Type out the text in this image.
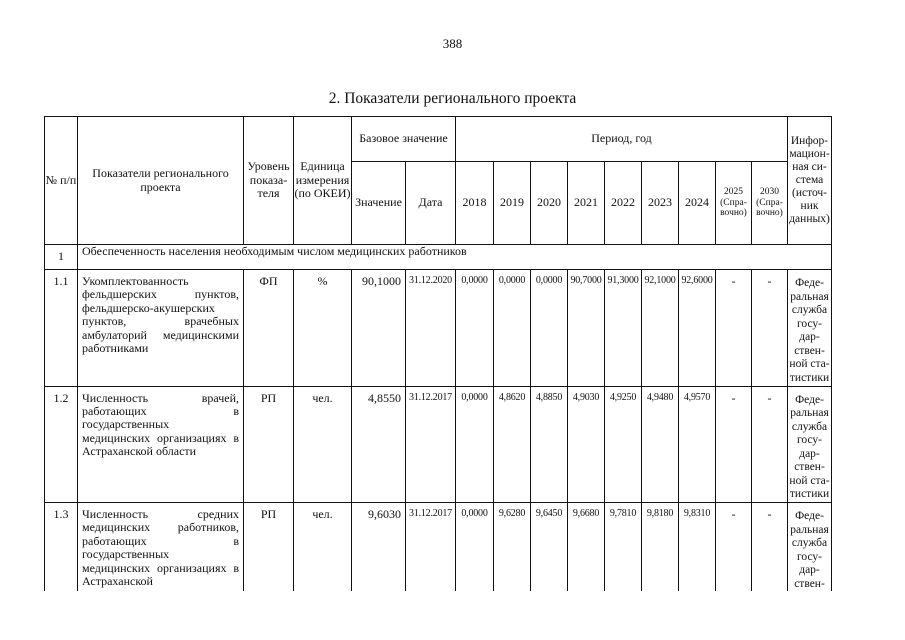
388
2. Показатели регионального проекта
№ п/п	Показатели регионального проекта	Уровень показа-теля	Единица измерения (по ОКЕИ)	Базовое значение		Период, год									Инфор-мацион-ная си-стема (источ-ник данных)
				Значение	Дата	2018	2019	2020	2021	2022	2023	2024	2025 (Спра-вочно)	2030 (Спра-вочно)	
1	Обеспеченность населения необходимым числом медицинских работников														
1.1	Укомплектованность фельдшерских пунктов, фельдшерско-акушерских пунктов, врачебных амбулаторий медицинскими работниками	ФП	%	90,1000	31.12.2020	0,0000	0,0000	0,0000	90,7000	91,3000	92,1000	92,6000	-	-	Феде-ральная служба госу-дар-ствен-ной ста-тистики
1.2	Численность врачей, работающих в государственных медицинских организациях в Астраханской области	РП	чел.	4,8550	31.12.2017	0,0000	4,8620	4,8850	4,9030	4,9250	4,9480	4,9570	-	-	Феде-ральная служба госу-дар-ствен-ной ста-тистики
1.3	Численность средних медицинских работников, работающих в государственных медицинских организациях в Астраханской	РП	чел.	9,6030	31.12.2017	0,0000	9,6280	9,6450	9,6680	9,7810	9,8180	9,8310	-	-	Феде-ральная служба госу-дар-ствен-
